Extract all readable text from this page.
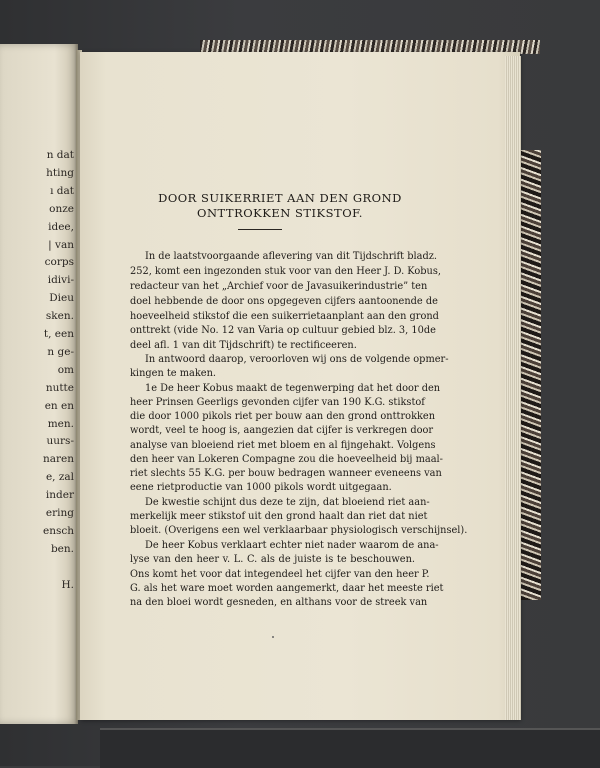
n dat
hting
ı dat
onze
idee,
| van
corps
idivi-
Dieu
sken.
t, een
n ge-
om
nutte
en en
men.
uurs-
naren
e, zal
inder
ering
ensch
ben.
H.
DOOR SUIKERRIET AAN DEN GROND
ONTTROKKEN STIKSTOF.
In de laatstvoorgaande aflevering van dit Tijdschrift bladz.
252, komt een ingezonden stuk voor van den Heer J. D. Kobus,
redacteur van het „Archief voor de Javasuikerindustrie” ten
doel hebbende de door ons opgegeven cijfers aantoonende de
hoeveelheid stikstof die een suikerrietaanplant aan den grond
onttrekt (vide No. 12 van Varia op cultuur gebied blz. 3, 10de
deel afl. 1 van dit Tijdschrift) te rectificeeren.
In antwoord daarop, veroorloven wij ons de volgende opmer-
kingen te maken.
1e De heer Kobus maakt de tegenwerping dat het door den
heer Prinsen Geerligs gevonden cijfer van 190 K.G. stikstof
die door 1000 pikols riet per bouw aan den grond onttrokken
wordt, veel te hoog is, aangezien dat cijfer is verkregen door
analyse van bloeiend riet met bloem en al fijngehakt. Volgens
den heer van Lokeren Compagne zou die hoeveelheid bij maal-
riet slechts 55 K.G. per bouw bedragen wanneer eveneens van
eene rietproductie van 1000 pikols wordt uitgegaan.
De kwestie schijnt dus deze te zijn, dat bloeiend riet aan-
merkelijk meer stikstof uit den grond haalt dan riet dat niet
bloeit. (Overigens een wel verklaarbaar physiologisch verschijnsel).
De heer Kobus verklaart echter niet nader waarom de ana-
lyse van den heer v. L. C. als de juiste is te beschouwen.
Ons komt het voor dat integendeel het cijfer van den heer P.
G. als het ware moet worden aangemerkt, daar het meeste riet
na den bloei wordt gesneden, en althans voor de streek van
